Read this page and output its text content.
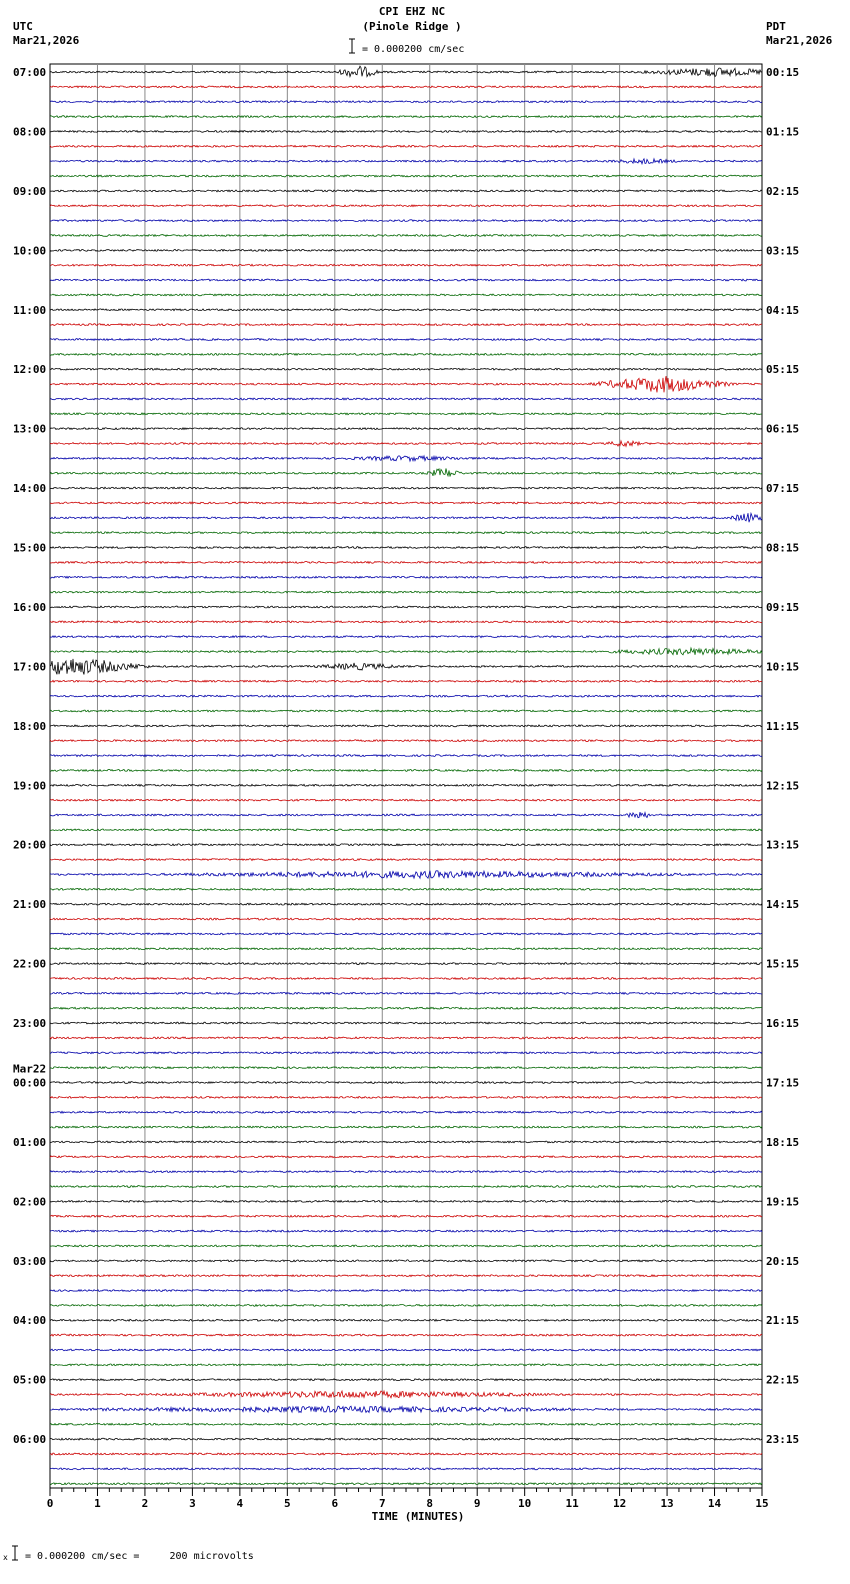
CPI EHZ NC
(Pinole Ridge )
= 0.000200 cm/sec
UTC
Mar21,2026
PDT
Mar21,2026
07:00
08:00
09:00
10:00
11:00
12:00
13:00
14:00
15:00
16:00
17:00
18:00
19:00
20:00
21:00
22:00
23:00
00:00
Mar22
01:00
02:00
03:00
04:00
05:00
06:00
00:15
01:15
02:15
03:15
04:15
05:15
06:15
07:15
08:15
09:15
10:15
11:15
12:15
13:15
14:15
15:15
16:15
17:15
18:15
19:15
20:15
21:15
22:15
23:15
0	1	2	3	4	5	6	7	8	9	10	11	12	13	14	15
TIME (MINUTES)
x = 0.000200 cm/sec =     200 microvolts
